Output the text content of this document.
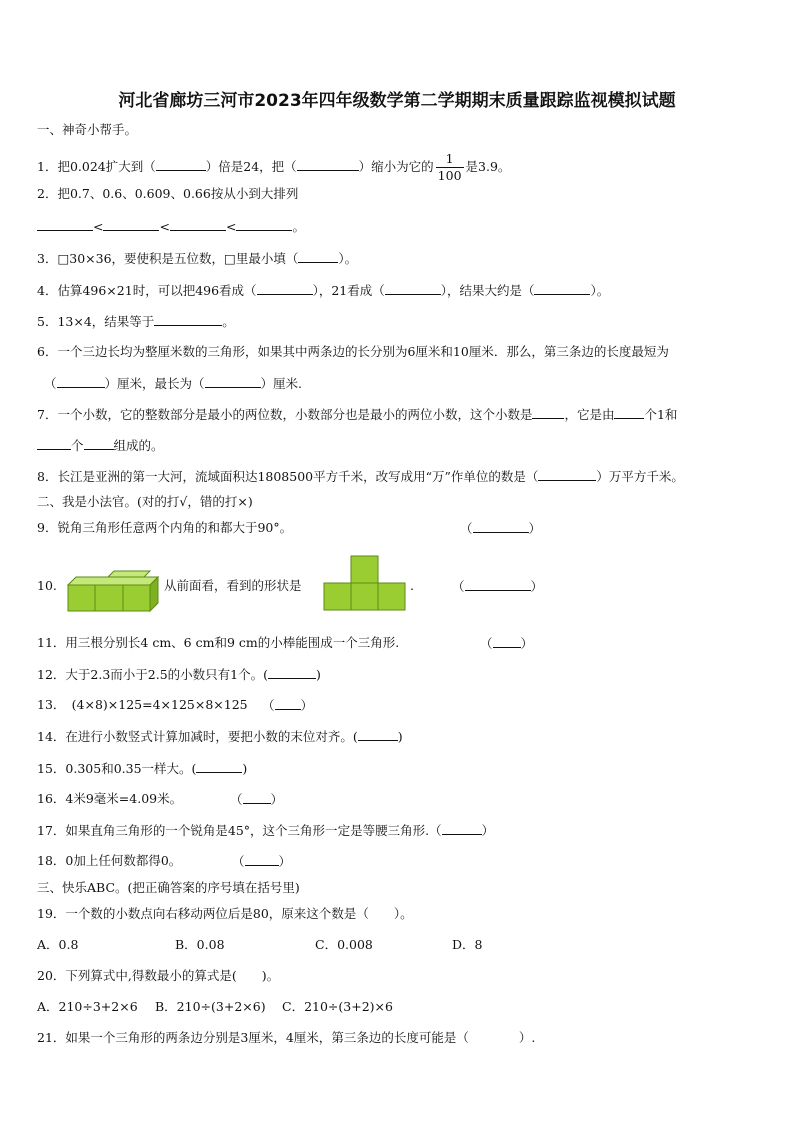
河北省廊坊三河市2023年四年级数学第二学期期末质量跟踪监视模拟试题
一、神奇小帮手。
1．把0.024扩大到（	）倍是24，把（	）缩小为它的 $\frac{1}{100}$ 是3.9。
2．把0.7、0.6、0.609、0.66按从小到大排列
<	<	<	。
3．□30×36，要使积是五位数，□里最小填（	）。
4．估算496×21时，可以把496看成（	），21看成（	），结果大约是（	）。
5．13×4，结果等于	。
6．一个三边长均为整厘米数的三角形，如果其中两条边的长分别为6厘米和10厘米．那么，第三条边的长度最短为
（	）厘米，最长为（	）厘米.
7．一个小数，它的整数部分是最小的两位数，小数部分也是最小的两位小数，这个小数是	，它是由 个1和
个 组成的。
8．长江是亚洲的第一大河，流域面积达1808500平方千米，改写成用“万”作单位的数是（	）万平方千米。
二、我是小法官。(对的打√，错的打×)
9．锐角三角形任意两个内角的和都大于90°。	（	）
10.	从前面看，看到的形状是	.	（	）
11．用三根分别长4 cm、6 cm和9 cm的小棒能围成一个三角形.	（ ）
12．大于2.3而小于2.5的小数只有1个。(	)
13．　(4×8)×125=4×125×8×125 （ ）
14．在进行小数竖式计算加减时，要把小数的末位对齐。(	)
15．0.305和0.35一样大。(	)
16．4米9毫米=4.09米。	（ ）
17．如果直角三角形的一个锐角是45°，这个三角形一定是等腰三角形.（	）
18．0加上任何数都得0。	（	）
三、快乐ABC。(把正确答案的序号填在括号里)
19．一个数的小数点向右移动两位后是80，原来这个数是（　　）。
A．0.8	B．0.08	C．0.008	D．8
20．下列算式中,得数最小的算式是(　　)。
A．210÷3+2×6 B．210÷(3+2×6) C．210÷(3+2)×6
21．如果一个三角形的两条边分别是3厘米，4厘米，第三条边的长度可能是（　　　　）.
